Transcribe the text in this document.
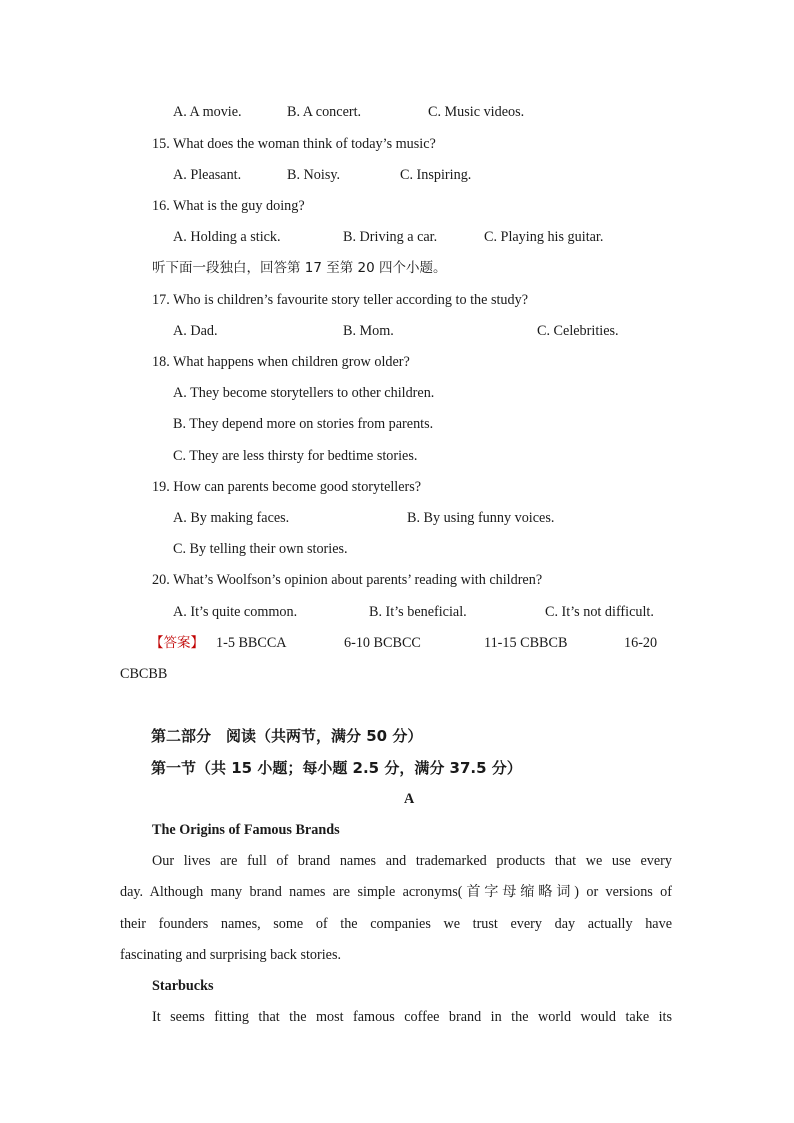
A. A movie.	B. A concert.	C. Music videos.
15. What does the woman think of today’s music?
A. Pleasant.	B. Noisy.	C. Inspiring.
16. What is the guy doing?
A. Holding a stick.	B. Driving a car.	C. Playing his guitar.
听下面一段独白，回答第 17 至第 20 四个小题。
17. Who is children’s favourite story teller according to the study?
A. Dad.	B. Mom.	C. Celebrities.
18. What happens when children grow older?
A. They become storytellers to other children.
B. They depend more on stories from parents.
C. They are less thirsty for bedtime stories.
19. How can parents become good storytellers?
A. By making faces.	B. By using funny voices.
C. By telling their own stories.
20. What’s Woolfson’s opinion about parents’ reading with children?
A. It’s quite common.	B. It’s beneficial.	C. It’s not difficult.
【答案】 1-5 BBCCA	6-10 BCBCC	11-15 CBBCB	16-20
CBCBB
第二部分　阅读（共两节，满分 50 分）
第一节（共 15 小题；每小题 2.5 分，满分 37.5 分）
A
The Origins of Famous Brands
Our lives are full of brand names and trademarked products that we use every
day. Although many brand names are simple acronyms(首字母缩略词) or versions of
their founders names, some of the companies we trust every day actually have
fascinating and surprising back stories.
Starbucks
It seems fitting that the most famous coffee brand in the world would take its
